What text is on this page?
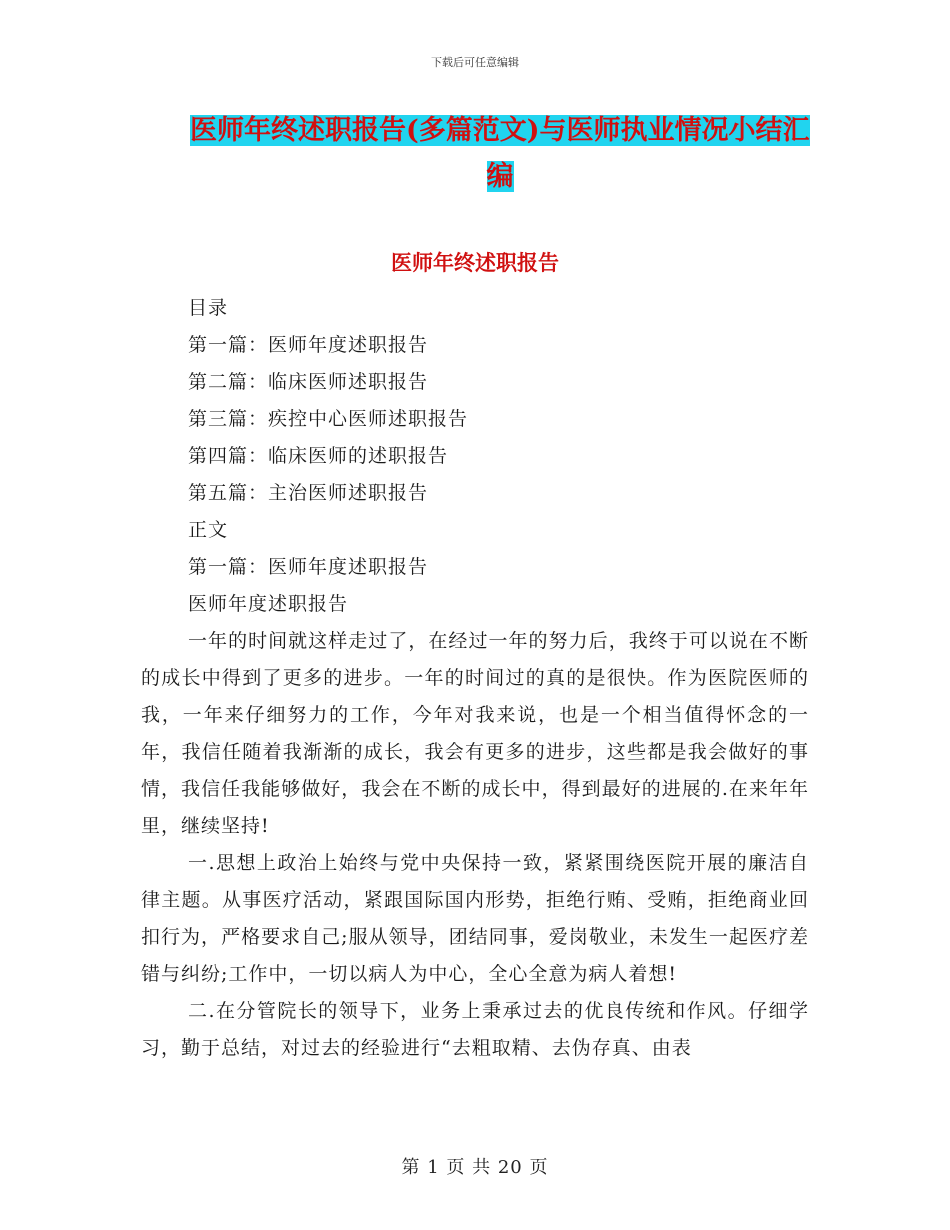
下载后可任意编辑
医师年终述职报告(多篇范文)与医师执业情况小结汇
编
医师年终述职报告
目录
第一篇：医师年度述职报告
第二篇：临床医师述职报告
第三篇：疾控中心医师述职报告
第四篇：临床医师的述职报告
第五篇：主治医师述职报告
正文
第一篇：医师年度述职报告
医师年度述职报告

一年的时间就这样走过了，在经过一年的努力后，我终于可以说在不断的成长中得到了更多的进步。一年的时间过的真的是很快。作为医院医师的我，一年来仔细努力的工作，今年对我来说，也是一个相当值得怀念的一年，我信任随着我渐渐的成长，我会有更多的进步，这些都是我会做好的事情，我信任我能够做好，我会在不断的成长中，得到最好的进展的.在来年年里，继续坚持!

一.思想上政治上始终与党中央保持一致，紧紧围绕医院开展的廉洁自律主题。从事医疗活动，紧跟国际国内形势，拒绝行贿、受贿，拒绝商业回扣行为，严格要求自己;服从领导，团结同事，爱岗敬业，未发生一起医疗差错与纠纷;工作中，一切以病人为中心，全心全意为病人着想!

二.在分管院长的领导下，业务上秉承过去的优良传统和作风。仔细学习，勤于总结，对过去的经验进行“去粗取精、去伪存真、由表

第 1 页 共 20 页
